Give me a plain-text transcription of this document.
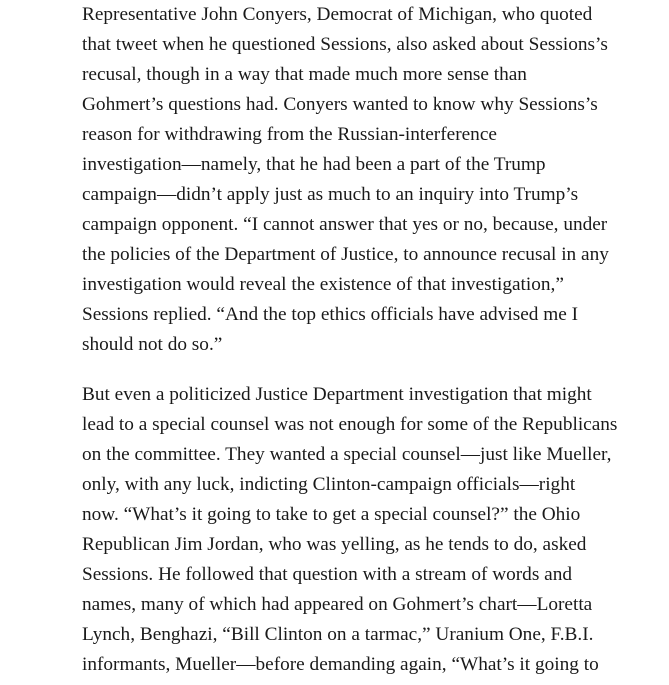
Representative John Conyers, Democrat of Michigan, who quoted
that tweet when he questioned Sessions, also asked about Sessions’s
recusal, though in a way that made much more sense than
Gohmert’s questions had. Conyers wanted to know why Sessions’s
reason for withdrawing from the Russian-interference
investigation—namely, that he had been a part of the Trump
campaign—didn’t apply just as much to an inquiry into Trump’s
campaign opponent. “I cannot answer that yes or no, because, under
the policies of the Department of Justice, to announce recusal in any
investigation would reveal the existence of that investigation,”
Sessions replied. “And the top ethics officials have advised me I
should not do so.”

But even a politicized Justice Department investigation that might
lead to a special counsel was not enough for some of the Republicans
on the committee. They wanted a special counsel—just like Mueller,
only, with any luck, indicting Clinton-campaign officials—right
now. “What’s it going to take to get a special counsel?” the Ohio
Republican Jim Jordan, who was yelling, as he tends to do, asked
Sessions. He followed that question with a stream of words and
names, many of which had appeared on Gohmert’s chart—Loretta
Lynch, Benghazi, “Bill Clinton on a tarmac,” Uranium One, F.B.I.
informants, Mueller—before demanding again, “What’s it going to
